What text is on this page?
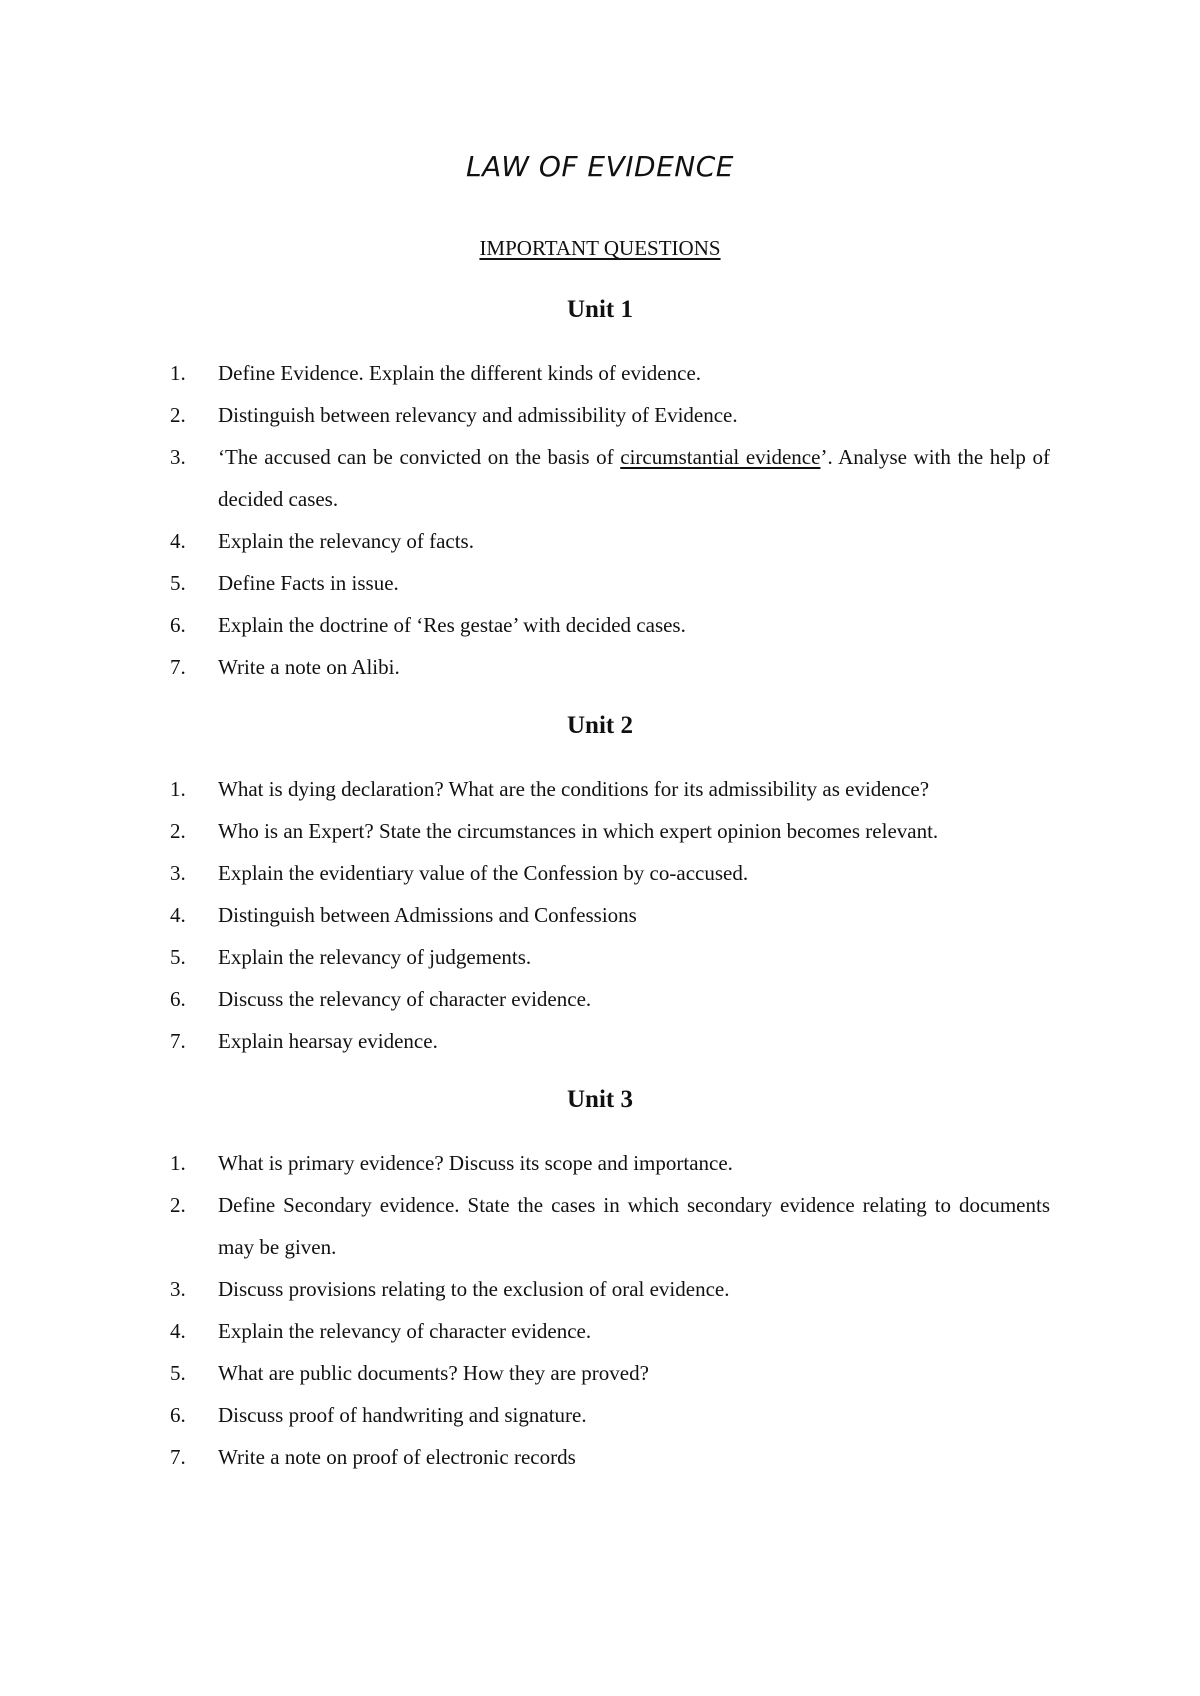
LAW OF EVIDENCE
IMPORTANT QUESTIONS
Unit 1
1.	Define Evidence. Explain the different kinds of evidence.
2.	Distinguish between relevancy and admissibility of Evidence.
3.	‘The accused can be convicted on the basis of circumstantial evidence’. Analyse with the help of decided cases.
4.	Explain the relevancy of facts.
5.	Define Facts in issue.
6.	Explain the doctrine of ‘Res gestae’ with decided cases.
7.	Write a note on Alibi.
Unit 2
1.	What is dying declaration? What are the conditions for its admissibility as evidence?
2.	Who is an Expert? State the circumstances in which expert opinion becomes relevant.
3.	Explain the evidentiary value of the Confession by co-accused.
4.	Distinguish between Admissions and Confessions
5.	Explain the relevancy of judgements.
6.	Discuss the relevancy of character evidence.
7.	Explain hearsay evidence.
Unit 3
1.	What is primary evidence? Discuss its scope and importance.
2.	Define Secondary evidence. State the cases in which secondary evidence relating to documents may be given.
3.	Discuss provisions relating to the exclusion of oral evidence.
4.	Explain the relevancy of character evidence.
5.	What are public documents? How they are proved?
6.	Discuss proof of handwriting and signature.
7.	Write a note on proof of electronic records
